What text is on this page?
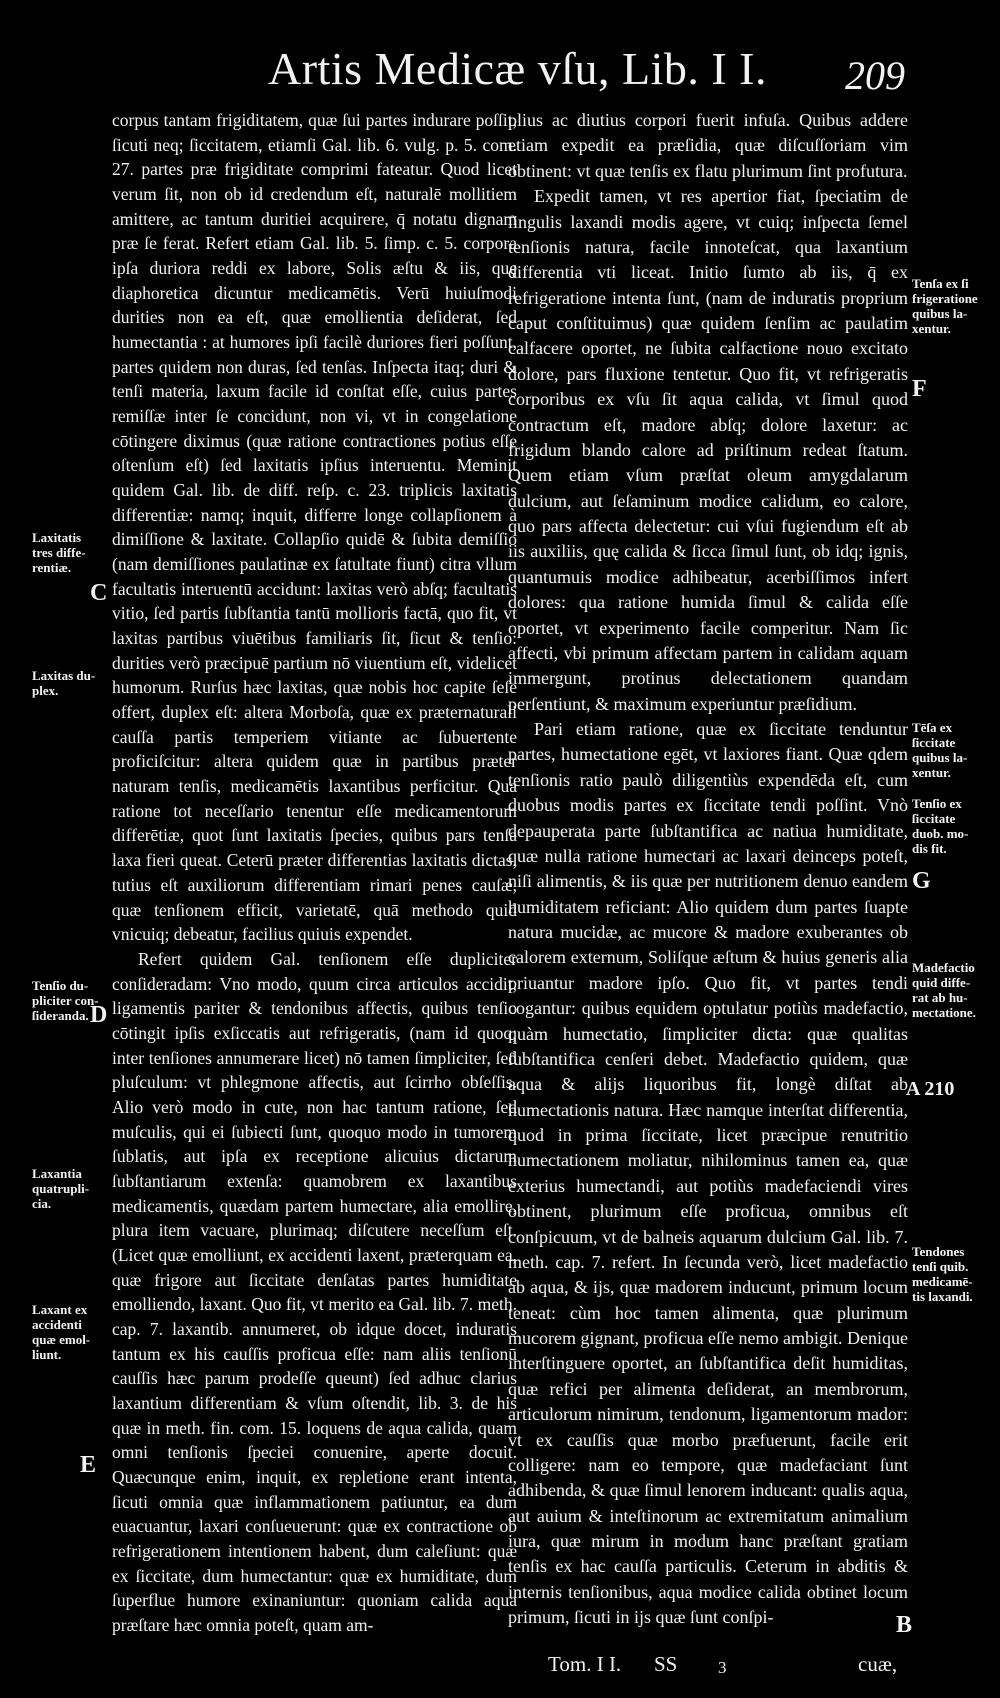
Artis Medicæ vſu, Lib. I I. 209

corpus tantam frigiditatem, quæ ſui partes indurare poſſit, ſicuti neq; ſiccitatem, etiamſi Gal. lib. 6. vulg. p. 5. com. 27. partes præ frigiditate comprimi fateatur. Quod licet verum ſit, non ob id credendum eſt, naturalē mollitiem amittere, ac tantum duritiei acquirere, q̄ notatu dignam præ ſe ferat. Refert etiam Gal. lib. 5. ſimp. c. 5. corpora ipſa duriora reddi ex labore, Solis æſtu & iis, quę diaphoretica dicuntur medicamētis. Verū huiuſmodi durities non ea eſt, quæ emollientia deſiderat, ſed humectantia : at humores ipſi facilè duriores fieri poſſunt, partes quidem non duras, ſed tenſas. Inſpecta itaq; duri & tenſi materia, laxum facile id conſtat eſſe, cuius partes remiſſæ inter ſe concidunt, non vi, vt in congelatione cōtingere diximus (quæ ratione contractiones potius eſſe oſtenſum eſt) ſed laxitatis ipſius interuentu. Meminit quidem Gal. lib. de diff. reſp. c. 23. triplicis laxitatis differentiæ: namq; inquit, differre longe collapſionem à dimiſſione & laxitate. Collapſio quidē & ſubita demiſſio (nam demiſſiones paulatinæ ex ſatultate fiunt) citra vllum facultatis interuentū accidunt: laxitas verò abſq; facultatis vitio, ſed partis ſubſtantia tantū mollioris factā, quo fit, vt laxitas partibus viuētibus familiaris ſit, ſicut & tenſio: durities verò præcipuē partium nō viuentium eſt, videlicet humorum. Rurſus hæc laxitas, quæ nobis hoc capite ſeſe offert, duplex eſt: altera Morboſa, quæ ex præternaturali cauſſa partis temperiem vitiante ac ſubuertente proficiſcitur: altera quidem quæ in partibus præter naturam tenſis, medicamētis laxantibus perficitur. Qua ratione tot neceſſario tenentur eſſe medicamentorum differētiæ, quot ſunt laxitatis ſpecies, quibus pars tenſa laxa fieri queat. Ceterū præter differentias laxitatis dictas, tutius eſt auxiliorum differentiam rimari penes cauſæ, quæ tenſionem efficit, varietatē, quā methodo quid vnicuiq; debeatur, facilius quiuis expendet.

Refert quidem Gal. tenſionem eſſe dupliciter conſideradam: Vno modo, quum circa articulos accidit, ligamentis pariter & tendonibus affectis, quibus tenſio cōtingit ipſis exſiccatis aut refrigeratis, (nam id quoq; inter tenſiones annumerare licet) nō tamen ſimpliciter, ſed pluſculum: vt phlegmone affectis, aut ſcirrho obſeſſis. Alio verò modo in cute, non hac tantum ratione, ſed muſculis, qui ei ſubiecti ſunt, quoquo modo in tumorem ſublatis, aut ipſa ex receptione alicuius dictarum ſubſtantiarum extenſa: quamobrem ex laxantibus medicamentis, quædam partem humectare, alia emollire, plura item vacuare, plurimaq; diſcutere neceſſum eſt. (Licet quæ emolliunt, ex accidenti laxent, præterquam ea, quæ frigore aut ſiccitate denſatas partes humiditate emolliendo, laxant. Quo fit, vt merito ea Gal. lib. 7. meth. cap. 7. laxantib. annumeret, ob idque docet, induratis tantum ex his cauſſis proficua eſſe: nam aliis tenſionū cauſſis hæc parum prodeſſe queunt) ſed adhuc clarius laxantium differentiam & vſum oſtendit, lib. 3. de his quæ in meth. fin. com. 15. loquens de aqua calida, quam omni tenſionis ſpeciei conuenire, aperte docuit. Quæcunque enim, inquit, ex repletione erant intenta, ſicuti omnia quæ inflammationem patiuntur, ea dum euacuantur, laxari conſueuerunt: quæ ex contractione ob refrigerationem intentionem habent, dum caleſiunt: quæ ex ſiccitate, dum humectantur: quæ ex humiditate, dum ſuperflue humore exinaniuntur: quoniam calida aqua præſtare hæc omnia poteſt, quam am-

plius ac diutius corpori fuerit infuſa. Quibus addere etiam expedit ea præſidia, quæ diſcuſſoriam vim obtinent: vt quæ tenſis ex flatu plurimum ſint profutura.

Expedit tamen, vt res apertior fiat, ſpeciatim de ſingulis laxandi modis agere, vt cuiq; inſpecta ſemel tenſionis natura, facile innoteſcat, qua laxantium differentia vti liceat. Initio ſumto ab iis, q̄ ex refrigeratione intenta ſunt, (nam de induratis proprium caput conſtituimus) quæ quidem ſenſim ac paulatim calfacere oportet, ne ſubita calfactione nouo excitato dolore, pars fluxione tentetur. Quo fit, vt refrigeratis corporibus ex vſu ſit aqua calida, vt ſimul quod contractum eſt, madore abſq; dolore laxetur: ac frigidum blando calore ad priſtinum redeat ſtatum. Quem etiam vſum præſtat oleum amygdalarum dulcium, aut ſeſaminum modice calidum, eo calore, quo pars affecta delectetur: cui vſui fugiendum eſt ab iis auxiliis, quę calida & ſicca ſimul ſunt, ob idq; ignis, quantumuis modice adhibeatur, acerbiſſimos infert dolores: qua ratione humida ſimul & calida eſſe oportet, vt experimento facile comperitur. Nam ſic affecti, vbi primum affectam partem in calidam aquam immergunt, protinus delectationem quandam perſentiunt, & maximum experiuntur præſidium.

Pari etiam ratione, quæ ex ſiccitate tenduntur partes, humectatione egēt, vt laxiores fiant. Quæ qdem tenſionis ratio paulò diligentiùs expendēda eſt, cum duobus modis partes ex ſiccitate tendi poſſint. Vnò depauperata parte ſubſtantifica ac natiua humiditate, quæ nulla ratione humectari ac laxari deinceps poteſt, niſi alimentis, & iis quæ per nutritionem denuo eandem humiditatem reficiant: Alio quidem dum partes ſuapte natura mucidæ, ac mucore & madore exuberantes ob calorem externum, Soliſque æſtum & huius generis alia priuantur madore ipſo. Quo fit, vt partes tendi cogantur: quibus equidem optulatur potiùs madefactio, quàm humectatio, ſimpliciter dicta: quæ qualitas ſubſtantifica cenſeri debet. Madefactio quidem, quæ aqua & alijs liquoribus fit, longè diſtat ab humectationis natura. Hæc namque interſtat differentia, quod in prima ſiccitate, licet præcipue renutritio humectationem moliatur, nihilominus tamen ea, quæ exterius humectandi, aut potiùs madefaciendi vires obtinent, plurimum eſſe proficua, omnibus eſt conſpicuum, vt de balneis aquarum dulcium Gal. lib. 7. meth. cap. 7. refert. In ſecunda verò, licet madefactio ab aqua, & ijs, quæ madorem inducunt, primum locum teneat: cùm hoc tamen alimenta, quæ plurimum mucorem gignant, proficua eſſe nemo ambigit. Denique interſtinguere oportet, an ſubſtantifica deſit humiditas, quæ refici per alimenta deſiderat, an membrorum, articulorum nimirum, tendonum, ligamentorum mador: vt ex cauſſis quæ morbo præfuerunt, facile erit colligere: nam eo tempore, quæ madefaciant ſunt adhibenda, & quæ ſimul lenorem inducant: qualis aqua, aut auium & inteſtinorum ac extremitatum animalium iura, quæ mirum in modum hanc præſtant gratiam tenſis ex hac cauſſa particulis. Ceterum in abditis & internis tenſionibus, aqua modice calida obtinet locum primum, ſicuti in ijs quæ ſunt conſpi-

Laxitatis
tres diffe-
rentiæ.
Laxitas du-
plex.
Tenſio du-
pliciter con-
ſideranda.
Laxantia
quatrupli-
cia.
Laxant ex
accidenti
quæ emol-
liunt.
Tenſa ex ſi
frigeratione
quibus la-
xentur.
Tēſa ex
ſiccitate
quibus la-
xentur.
Tenſio ex
ſiccitate
duob. mo-
dis fit.
Madefactio
quid diffe-
rat ab hu-
mectatione.
Tendones
tenſi quib.
medicamē-
tis laxandi.
C
D
E
F
G
A 210
B
Tom. I I. SS 3	cuæ,
